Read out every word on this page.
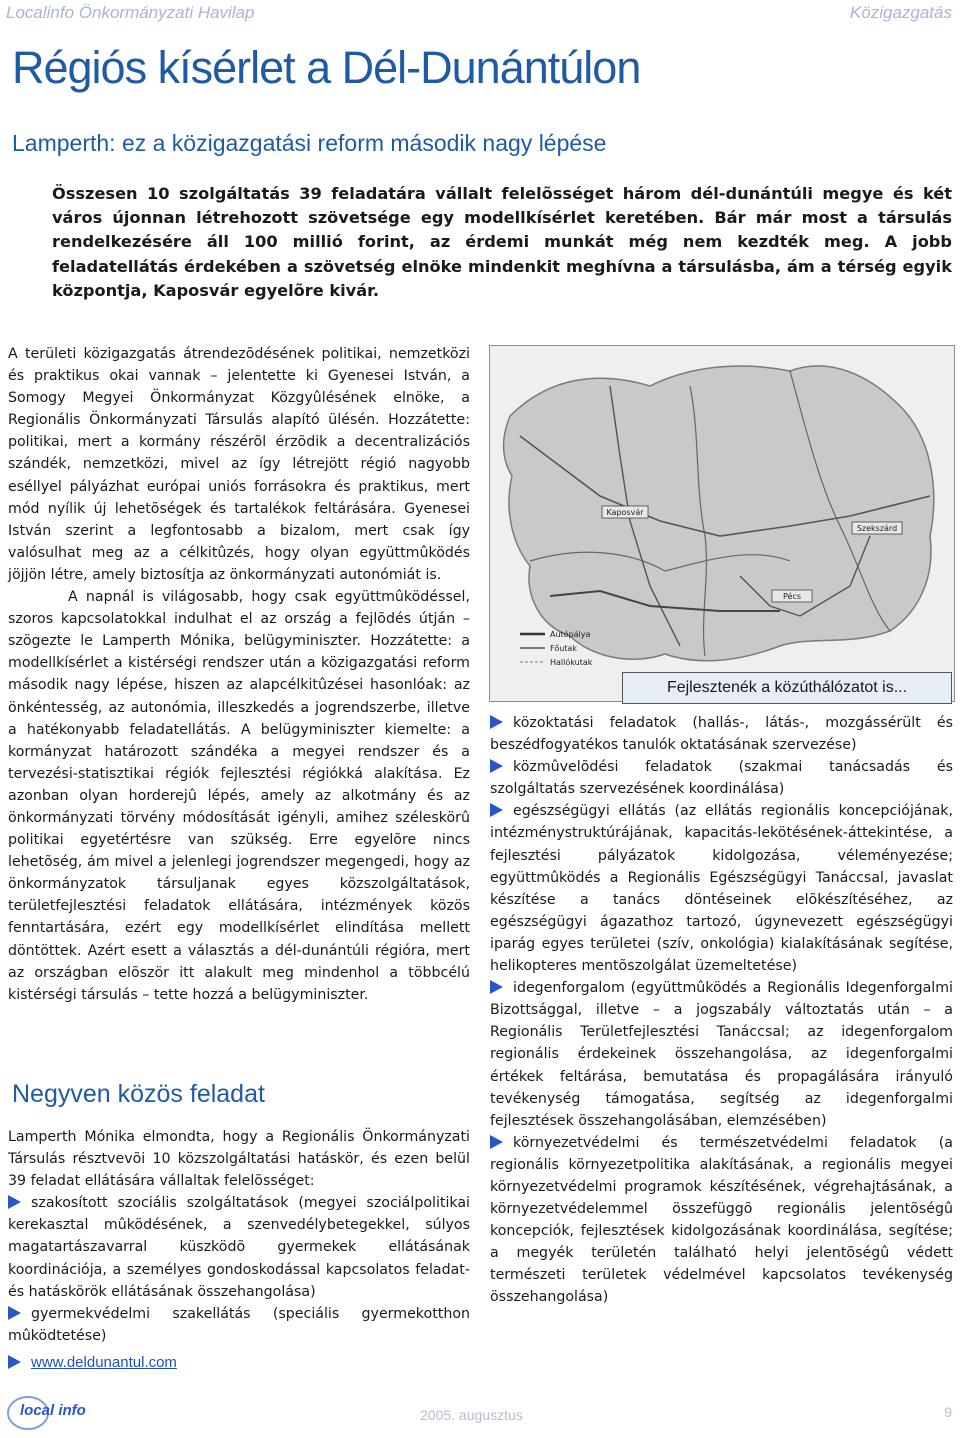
Localinfo Önkormányzati Havilap	Közigazgatás
Régiós kísérlet a Dél-Dunántúlon
Lamperth: ez a közigazgatási reform második nagy lépése

Összesen 10 szolgáltatás 39 feladatára vállalt felelõsséget három dél-dunántúli megye és két város újonnan létrehozott szövetsége egy modellkísérlet keretében. Bár már most a társulás rendelkezésére áll 100 millió forint, az érdemi munkát még nem kezdték meg. A jobb feladatellátás érdekében a szövetség elnöke mindenkit meghívna a társulásba, ám a térség egyik központja, Kaposvár egyelõre kivár.

A területi közigazgatás átrendezõdésének politikai, nemzetközi és praktikus okai vannak – jelentette ki Gyenesei István, a Somogy Megyei Önkormányzat Közgyûlésének elnöke, a Regionális Önkormányzati Társulás alapító ülésén. Hozzátette: politikai, mert a kormány részérõl érzõdik a decentralizációs szándék, nemzetközi, mivel az így létrejött régió nagyobb eséllyel pályázhat európai uniós forrásokra és praktikus, mert mód nyílik új lehetõségek és tartalékok feltárására. Gyenesei István szerint a legfontosabb a bizalom, mert csak így valósulhat meg az a célkitûzés, hogy olyan együttmûködés jöjjön létre, amely biztosítja az önkormányzati autonómiát is.

A napnál is világosabb, hogy csak együttmûködéssel, szoros kapcsolatokkal indulhat el az ország a fejlõdés útján – szögezte le Lamperth Mónika, belügyminiszter. Hozzátette: a modellkísérlet a kistérségi rendszer után a közigazgatási reform második nagy lépése, hiszen az alapcélkitûzései hasonlóak: az önkéntesség, az autonómia, illeszkedés a jogrendszerbe, illetve a hatékonyabb feladatellátás. A belügyminiszter kiemelte: a kormányzat határozott szándéka a megyei rendszer és a tervezési-statisztikai régiók fejlesztési régiókká alakítása. Ez azonban olyan horderejû lépés, amely az alkotmány és az önkormányzati törvény módosítását igényli, amihez széleskörû politikai egyetértésre van szükség. Erre egyelõre nincs lehetõség, ám mivel a jelenlegi jogrendszer megengedi, hogy az önkormányzatok társuljanak egyes közszolgáltatások, területfejlesztési feladatok ellátására, intézmények közös fenntartására, ezért egy modellkísérlet elindítása mellett döntöttek. Azért esett a választás a dél-dunántúli régióra, mert az országban elõször itt alakult meg mindenhol a többcélú kistérségi társulás – tette hozzá a belügyminiszter.

Negyven közös feladat

Lamperth Mónika elmondta, hogy a Regionális Önkormányzati Társulás résztvevõi 10 közszolgáltatási hatáskör, és ezen belül 39 feladat ellátására vállaltak felelõsséget:

szakosított szociális szolgáltatások (megyei szociálpolitikai kerekasztal mûködésének, a szenvedélybetegekkel, súlyos magatartászavarral küszködõ gyermekek ellátásának koordinációja, a személyes gondoskodással kapcsolatos feladat- és hatáskörök ellátásának összehangolása)

gyermekvédelmi szakellátás (speciális gyermekotthon mûködtetése)

www.deldunantul.com
Kaposvár
Szekszárd
Pécs
Autópálya
Főutak
Hallókutak
Fejlesztenék a közúthálózatot is...

közoktatási feladatok (hallás-, látás-, mozgássérült és beszédfogyatékos tanulók oktatásának szervezése)

közmûvelõdési feladatok (szakmai tanácsadás és szolgáltatás szervezésének koordinálása)

egészségügyi ellátás (az ellátás regionális koncepciójának, intézménystruktúrájának, kapacitás-lekötésének-áttekintése, a fejlesztési pályázatok kidolgozása, véleményezése; együttmûködés a Regionális Egészségügyi Tanáccsal, javaslat készítése a tanács döntéseinek elõkészítéséhez, az egészségügyi ágazathoz tartozó, úgynevezett egészségügyi iparág egyes területei (szív, onkológia) kialakításának segítése, helikopteres mentõszolgálat üzemeltetése)

idegenforgalom (együttmûködés a Regionális Idegenforgalmi Bizottsággal, illetve – a jogszabály változtatás után – a Regionális Területfejlesztési Tanáccsal; az idegenforgalom regionális érdekeinek összehangolása, az idegenforgalmi értékek feltárása, bemutatása és propagálására irányuló tevékenység támogatása, segítség az idegenforgalmi fejlesztések összehangolásában, elemzésében)

környezetvédelmi és természetvédelmi feladatok (a regionális környezetpolitika alakításának, a regionális megyei környezetvédelmi programok készítésének, végrehajtásának, a környezetvédelemmel összefüggõ regionális jelentõségû koncepciók, fejlesztések kidolgozásának koordinálása, segítése; a megyék területén található helyi jelentõségû védett természeti területek védelmével kapcsolatos tevékenység összehangolása)

local info	2005. augusztus	9
